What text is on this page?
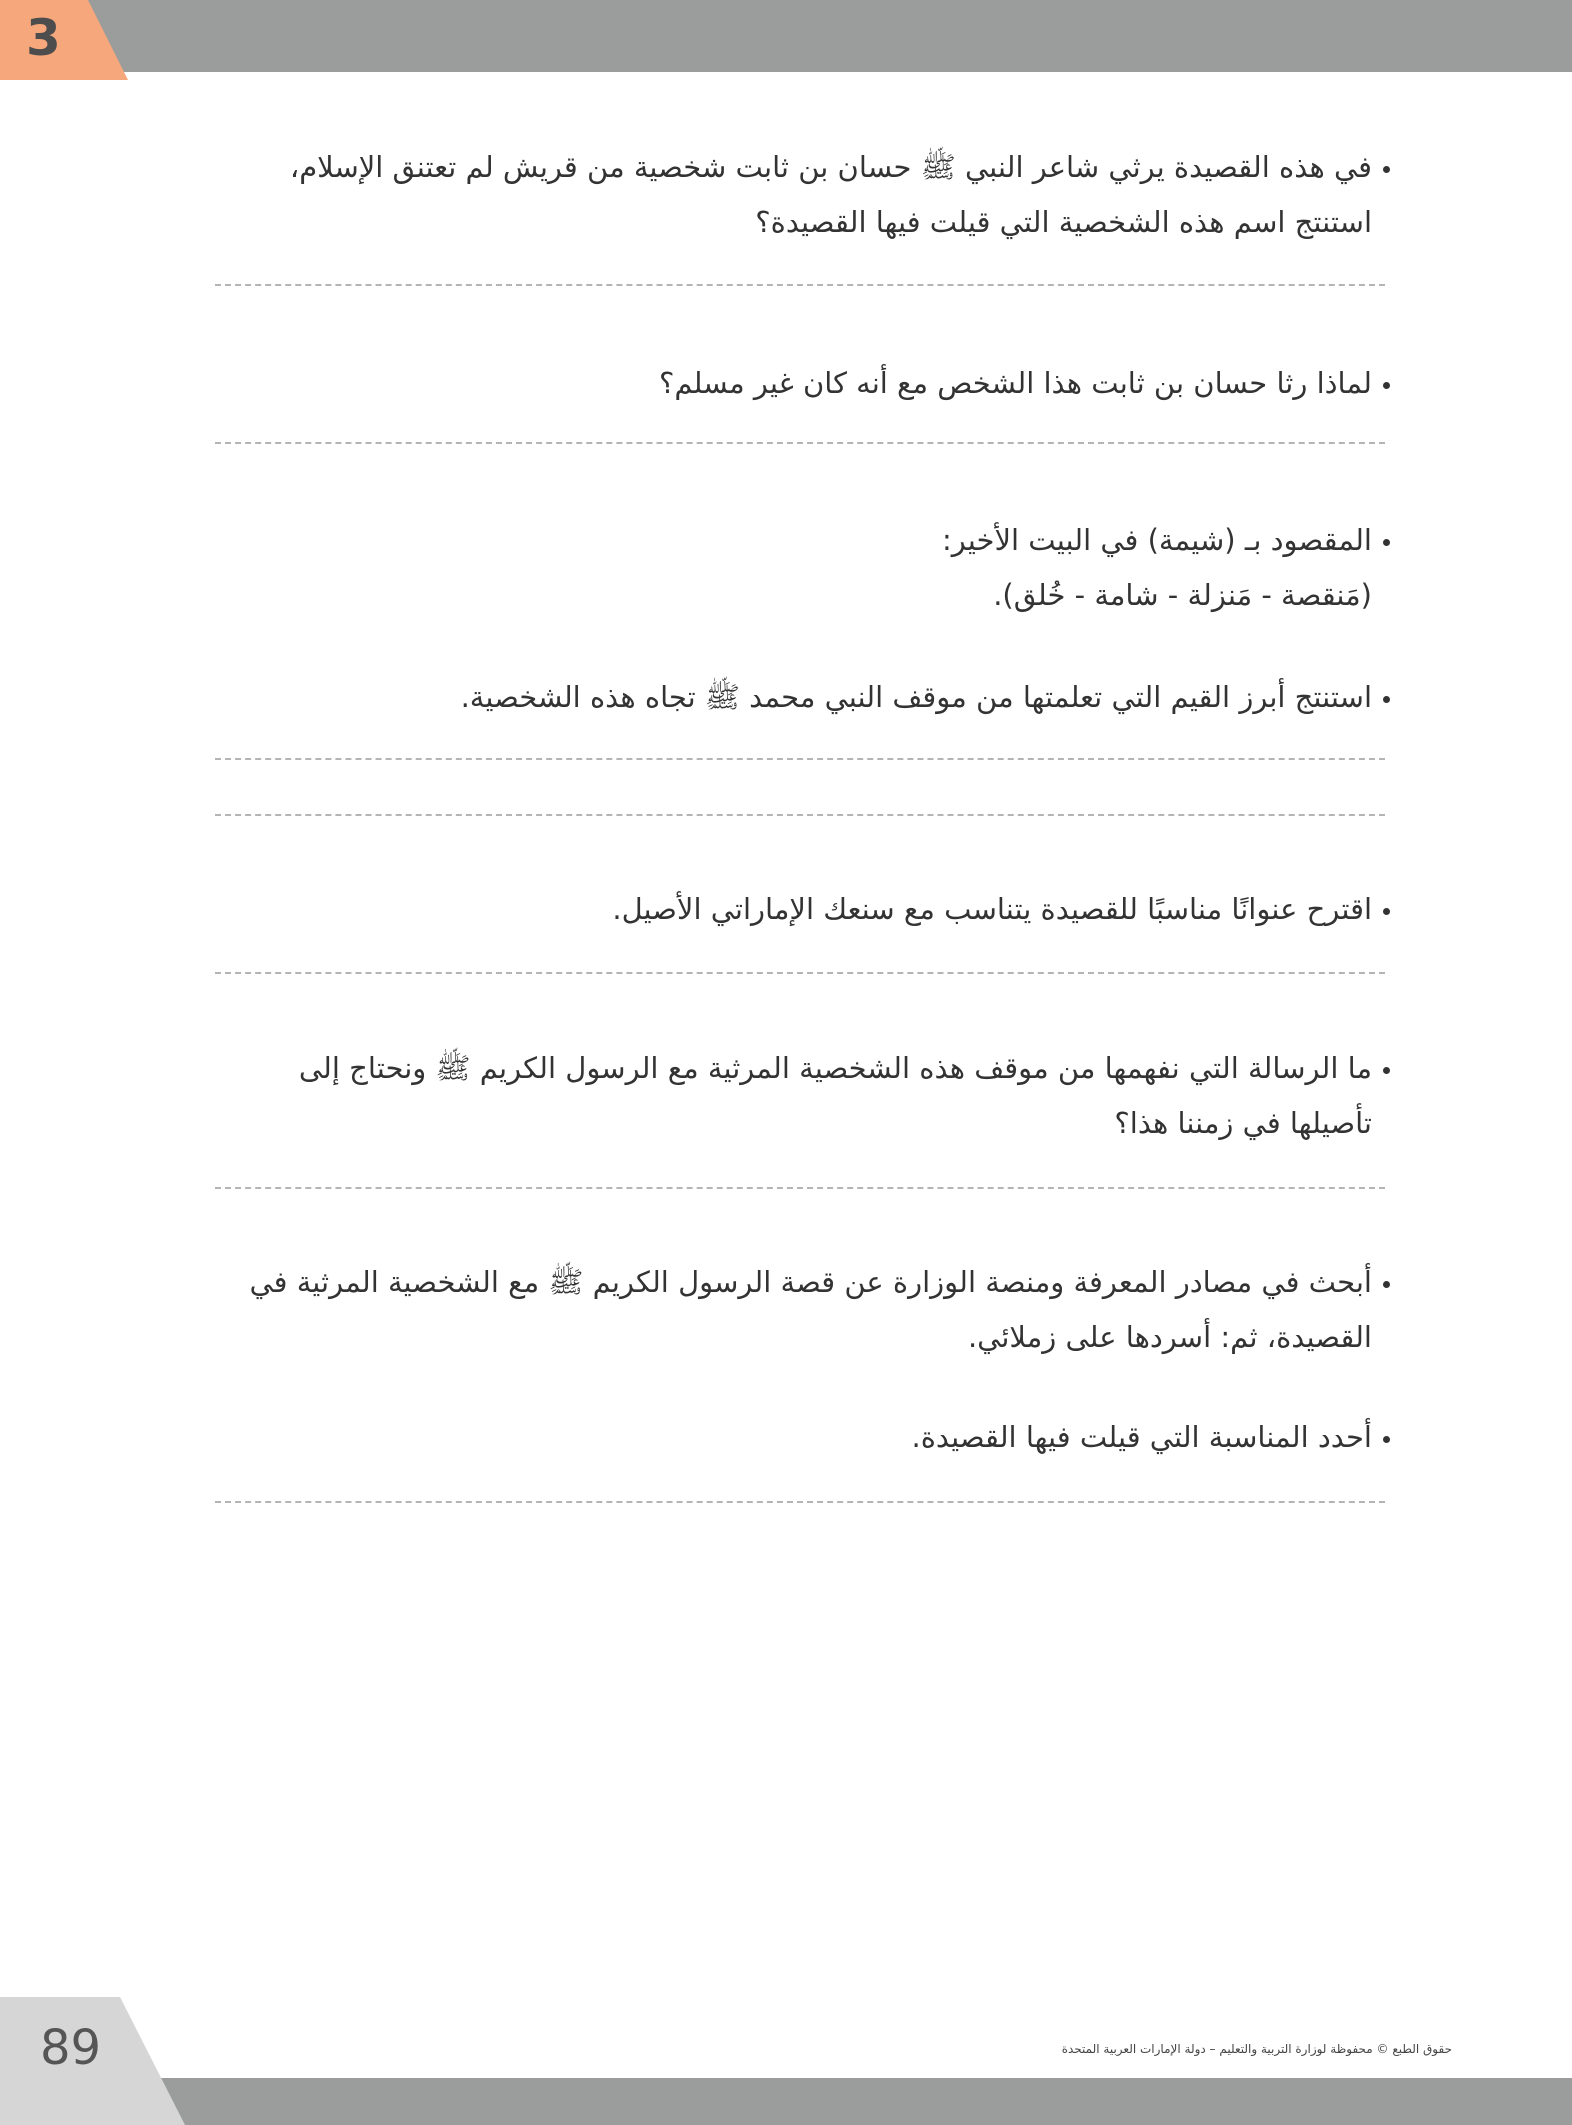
3
في هذه القصيدة يرثي شاعر النبي ﷺ حسان بن ثابت شخصية من قريش لم تعتنق الإسلام،
استنتج اسم هذه الشخصية التي قيلت فيها القصيدة؟
لماذا رثا حسان بن ثابت هذا الشخص مع أنه كان غير مسلم؟
المقصود بـ (شيمة) في البيت الأخير:
(مَنقصة - مَنزلة - شامة - خُلق).
استنتج أبرز القيم التي تعلمتها من موقف النبي محمد ﷺ تجاه هذه الشخصية.
اقترح عنوانًا مناسبًا للقصيدة يتناسب مع سنعك الإماراتي الأصيل.
ما الرسالة التي نفهمها من موقف هذه الشخصية المرثية مع الرسول الكريم ﷺ ونحتاج إلى
تأصيلها في زمننا هذا؟
أبحث في مصادر المعرفة ومنصة الوزارة عن قصة الرسول الكريم ﷺ مع الشخصية المرثية في
القصيدة، ثم: أسردها على زملائي.
أحدد المناسبة التي قيلت فيها القصيدة.
89	حقوق الطبع © محفوظة لوزارة التربية والتعليم – دولة الإمارات العربية المتحدة
